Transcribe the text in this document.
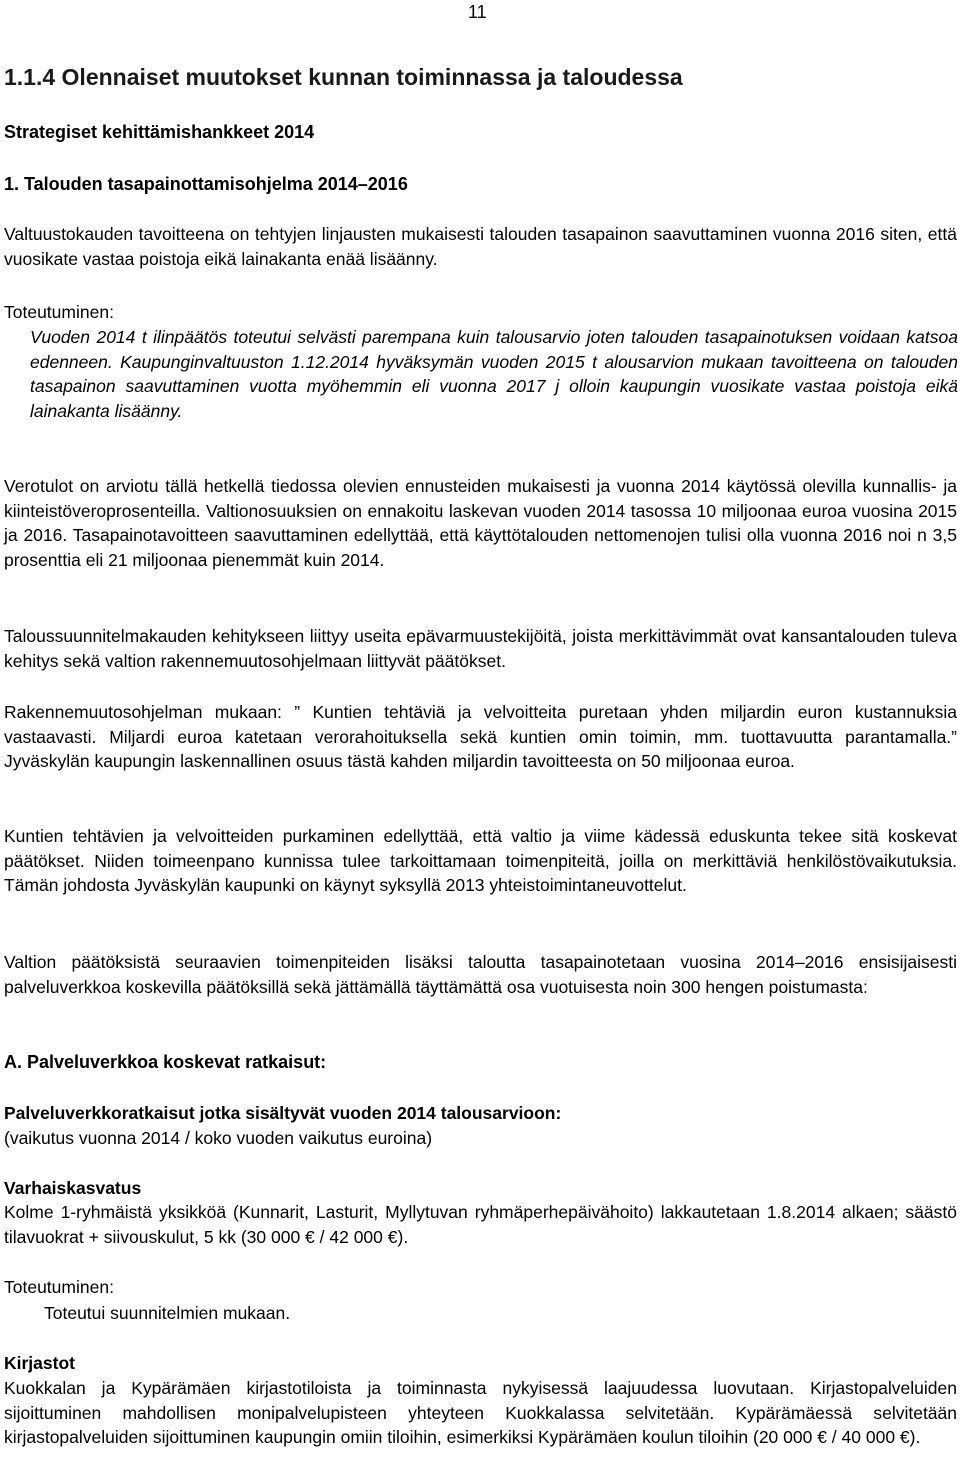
11
1.1.4 Olennaiset muutokset kunnan toiminnassa ja taloudessa
Strategiset kehittämishankkeet 2014
1. Talouden tasapainottamisohjelma 2014–2016
Valtuustokauden tavoitteena on tehtyjen linjausten mukaisesti talouden tasapainon saavuttaminen vuonna 2016 siten, että vuosikate vastaa poistoja eikä lainakanta enää lisäänny.
Toteutuminen:
Vuoden 2014 t ilinpäätös toteutui selvästi parempana kuin talousarvio joten talouden tasapainotuksen voidaan katsoa edenneen. Kaupunginvaltuuston 1.12.2014 hyväksymän vuoden 2015 t alousarvion mukaan tavoitteena on talouden tasapainon saavuttaminen vuotta myöhemmin eli vuonna 2017 j olloin kaupungin vuosikate vastaa poistoja eikä lainakanta lisäänny.
Verotulot on arviotu tällä hetkellä tiedossa olevien ennusteiden mukaisesti ja vuonna 2014 käytössä olevilla kunnallis- ja kiinteistöveroprosenteilla. Valtionosuuksien on ennakoitu laskevan vuoden 2014 tasossa 10 miljoonaa euroa vuosina 2015 ja 2016. Tasapainotavoitteen saavuttaminen edellyttää, että käyttötalouden nettomenojen tulisi olla vuonna 2016 noi n 3,5 prosenttia eli 21 miljoonaa pienemmät kuin 2014.
Taloussuunnitelmakauden kehitykseen liittyy useita epävarmuustekijöitä, joista merkittävimmät ovat kansantalouden tuleva kehitys sekä valtion rakennemuutosohjelmaan liittyvät päätökset.
Rakennemuutosohjelman mukaan: ” Kuntien tehtäviä ja velvoitteita puretaan yhden miljardin euron kustannuksia vastaavasti. Miljardi euroa katetaan verorahoituksella sekä kuntien omin toimin, mm. tuottavuutta parantamalla.” Jyväskylän kaupungin laskennallinen osuus tästä kahden miljardin tavoitteesta on 50 miljoonaa euroa.
Kuntien tehtävien ja velvoitteiden purkaminen edellyttää, että valtio ja viime kädessä eduskunta tekee sitä koskevat päätökset. Niiden toimeenpano kunnissa tulee tarkoittamaan toimenpiteitä, joilla on merkittäviä henkilöstövaikutuksia. Tämän johdosta Jyväskylän kaupunki on käynyt syksyllä 2013 yhteistoimintaneuvottelut.
Valtion päätöksistä seuraavien toimenpiteiden lisäksi taloutta tasapainotetaan vuosina 2014–2016 ensisijaisesti palveluverkkoa koskevilla päätöksillä sekä jättämällä täyttämättä osa vuotuisesta noin 300 hengen poistumasta:
A. Palveluverkkoa koskevat ratkaisut:
Palveluverkkoratkaisut jotka sisältyvät vuoden 2014 talousarvioon:
(vaikutus vuonna 2014 / koko vuoden vaikutus euroina)
Varhaiskasvatus
Kolme 1-ryhmäistä yksikköä (Kunnarit, Lasturit, Myllytuvan ryhmäperhepäivähoito) lakkautetaan 1.8.2014 alkaen; säästö tilavuokrat + siivouskulut, 5 kk (30 000 € / 42 000 €).
Toteutuminen:
Toteutui suunnitelmien mukaan.
Kirjastot
Kuokkalan ja Kypärämäen kirjastotiloista ja toiminnasta nykyisessä laajuudessa luovutaan. Kirjastopalveluiden sijoittuminen mahdollisen monipalvelupisteen yhteyteen Kuokkalassa selvitetään. Kypärämäessä selvitetään kirjastopalveluiden sijoittuminen kaupungin omiin tiloihin, esimerkiksi Kypärämäen koulun tiloihin (20 000 € / 40 000 €).
